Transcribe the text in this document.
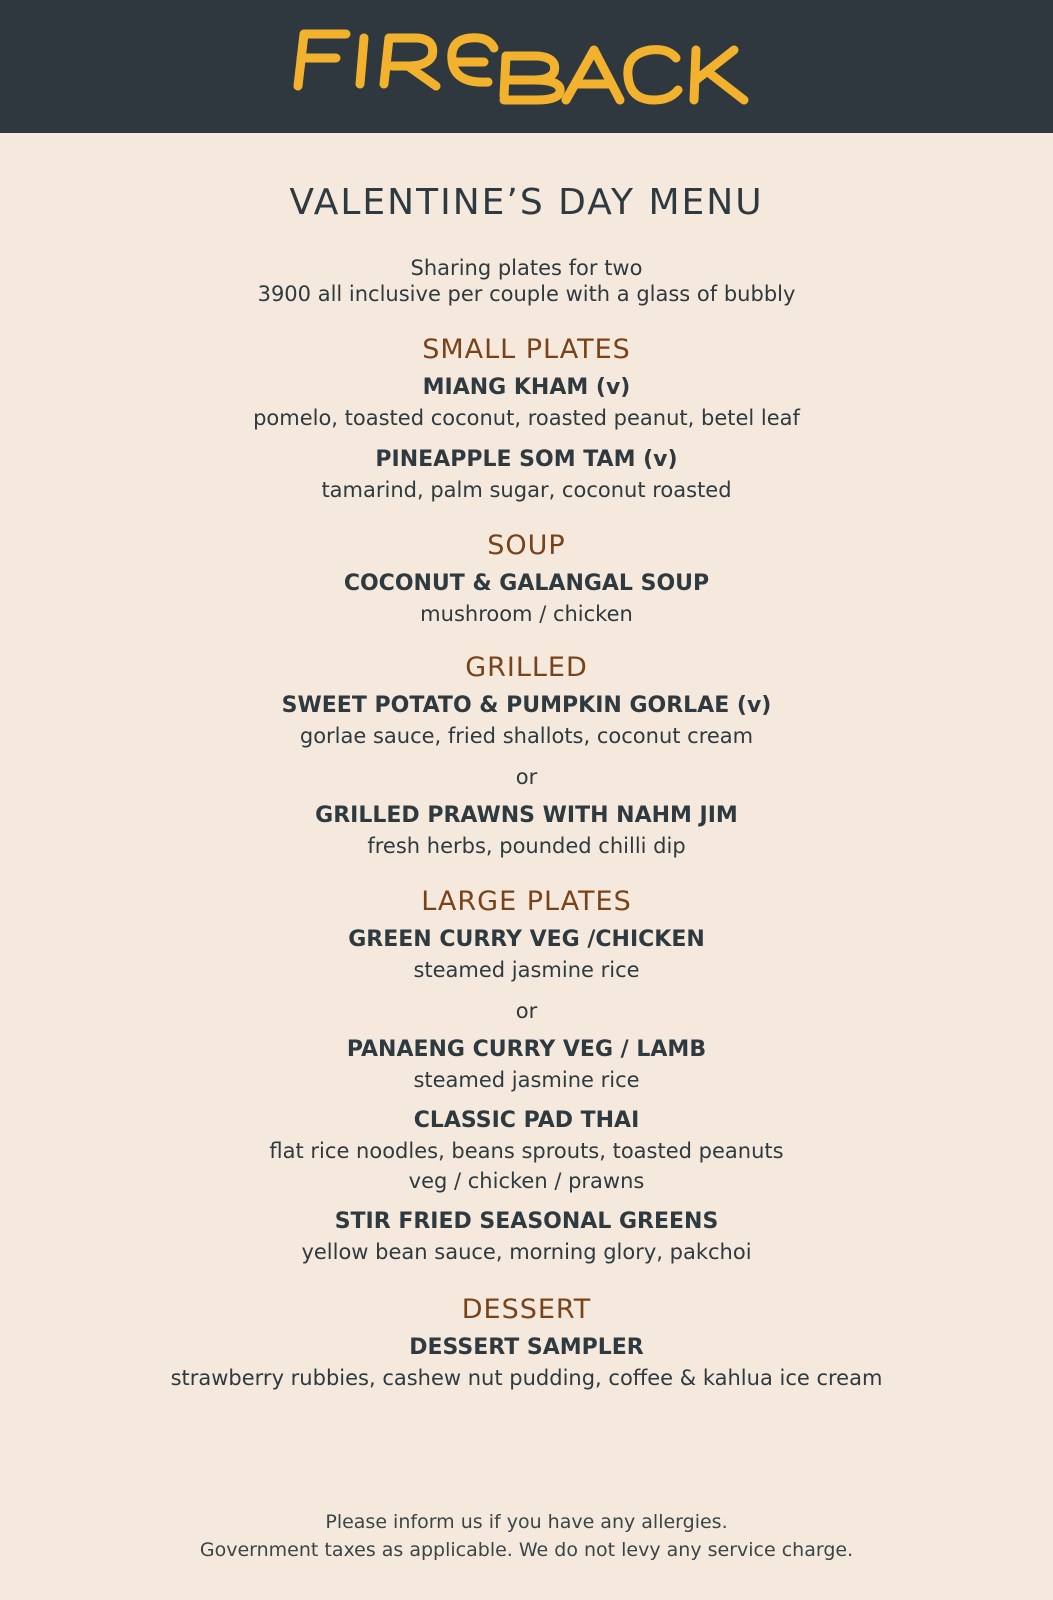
VALENTINE’S DAY MENU
Sharing plates for two
3900 all inclusive per couple with a glass of bubbly
SMALL PLATES
MIANG KHAM (v)
pomelo, toasted coconut, roasted peanut, betel leaf
PINEAPPLE SOM TAM (v)
tamarind, palm sugar, coconut roasted
SOUP
COCONUT & GALANGAL SOUP
mushroom / chicken
GRILLED
SWEET POTATO & PUMPKIN GORLAE (v)
gorlae sauce, fried shallots, coconut cream
or
GRILLED PRAWNS WITH NAHM JIM
fresh herbs, pounded chilli dip
LARGE PLATES
GREEN CURRY VEG /CHICKEN
steamed jasmine rice
or
PANAENG CURRY VEG / LAMB
steamed jasmine rice
CLASSIC PAD THAI
flat rice noodles, beans sprouts, toasted peanuts
veg / chicken / prawns
STIR FRIED SEASONAL GREENS
yellow bean sauce, morning glory, pakchoi
DESSERT
DESSERT SAMPLER
strawberry rubbies, cashew nut pudding, coffee & kahlua ice cream
Please inform us if you have any allergies.
Government taxes as applicable. We do not levy any service charge.
